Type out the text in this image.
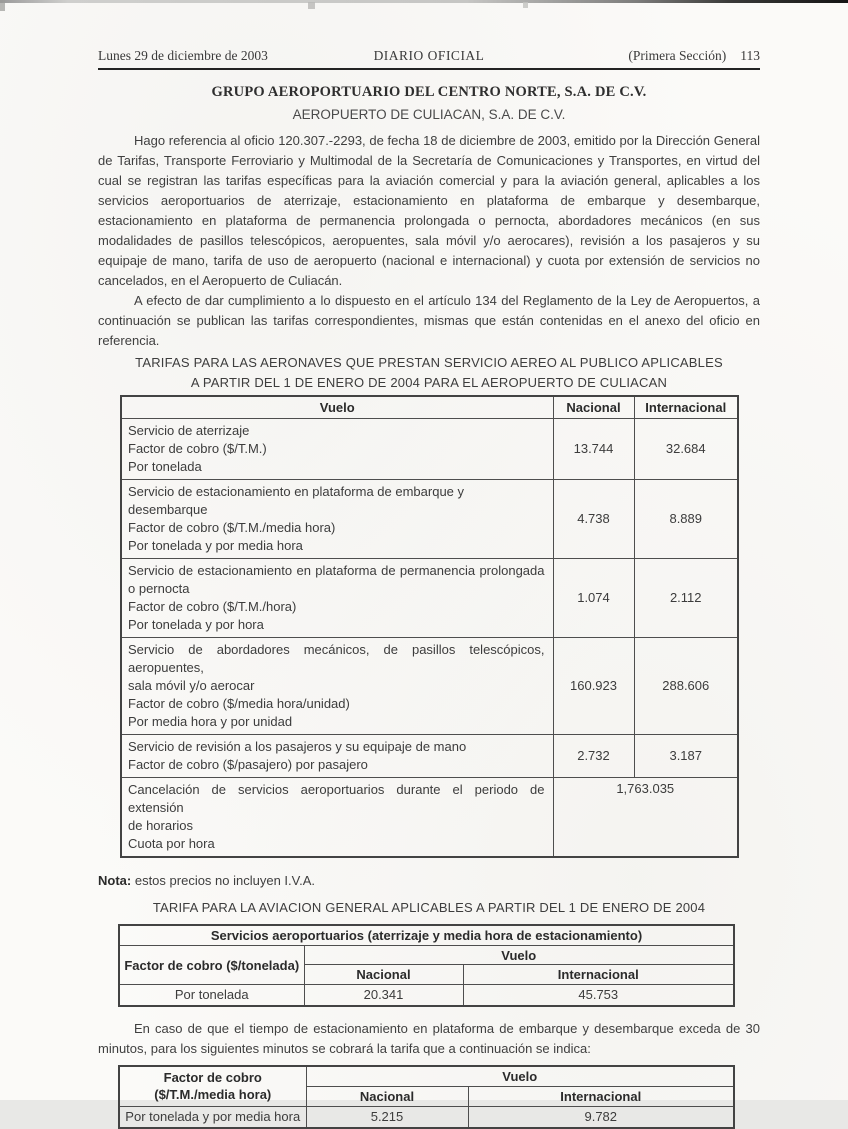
Lunes 29 de diciembre de 2003	DIARIO OFICIAL	(Primera Sección) 113
GRUPO AEROPORTUARIO DEL CENTRO NORTE, S.A. DE C.V.
AEROPUERTO DE CULIACAN, S.A. DE C.V.

Hago referencia al oficio 120.307.-2293, de fecha 18 de diciembre de 2003, emitido por la Dirección General de Tarifas, Transporte Ferroviario y Multimodal de la Secretaría de Comunicaciones y Transportes, en virtud del cual se registran las tarifas específicas para la aviación comercial y para la aviación general, aplicables a los servicios aeroportuarios de aterrizaje, estacionamiento en plataforma de embarque y desembarque, estacionamiento en plataforma de permanencia prolongada o pernocta, abordadores mecánicos (en sus modalidades de pasillos telescópicos, aeropuentes, sala móvil y/o aerocares), revisión a los pasajeros y su equipaje de mano, tarifa de uso de aeropuerto (nacional e internacional) y cuota por extensión de servicios no cancelados, en el Aeropuerto de Culiacán.

A efecto de dar cumplimiento a lo dispuesto en el artículo 134 del Reglamento de la Ley de Aeropuertos, a continuación se publican las tarifas correspondientes, mismas que están contenidas en el anexo del oficio en referencia.

TARIFAS PARA LAS AERONAVES QUE PRESTAN SERVICIO AEREO AL PUBLICO APLICABLES
A PARTIR DEL 1 DE ENERO DE 2004 PARA EL AEROPUERTO DE CULIACAN
Vuelo	Nacional	Internacional

Servicio de aterrizaje
Factor de cobro ($/T.M.)
Por tonelada	13.744	32.684

Servicio de estacionamiento en plataforma de embarque y desembarque
Factor de cobro ($/T.M./media hora)
Por tonelada y por media hora	4.738	8.889

Servicio de estacionamiento en plataforma de permanencia prolongada
o pernocta
Factor de cobro ($/T.M./hora)
Por tonelada y por hora	1.074	2.112

Servicio de abordadores mecánicos, de pasillos telescópicos, aeropuentes,
sala móvil y/o aerocar
Factor de cobro ($/media hora/unidad)
Por media hora y por unidad	160.923	288.606

Servicio de revisión a los pasajeros y su equipaje de mano
Factor de cobro ($/pasajero) por pasajero	2.732	3.187

Cancelación de servicios aeroportuarios durante el periodo de extensión
de horarios
Cuota por hora	1,763.035	

Nota: estos precios no incluyen I.V.A.

TARIFA PARA LA AVIACION GENERAL APLICABLES A PARTIR DEL 1 DE ENERO DE 2004
Servicios aeroportuarios (aterrizaje y media hora de estacionamiento)		
Factor de cobro ($/tonelada)	Vuelo	
	Nacional	Internacional
Por tonelada	20.341	45.753

En caso de que el tiempo de estacionamiento en plataforma de embarque y desembarque exceda de 30 minutos, para los siguientes minutos se cobrará la tarifa que a continuación se indica:

Factor de cobro
($/T.M./media hora)	Vuelo	
	Nacional	Internacional
Por tonelada y por media hora	5.215	9.782
